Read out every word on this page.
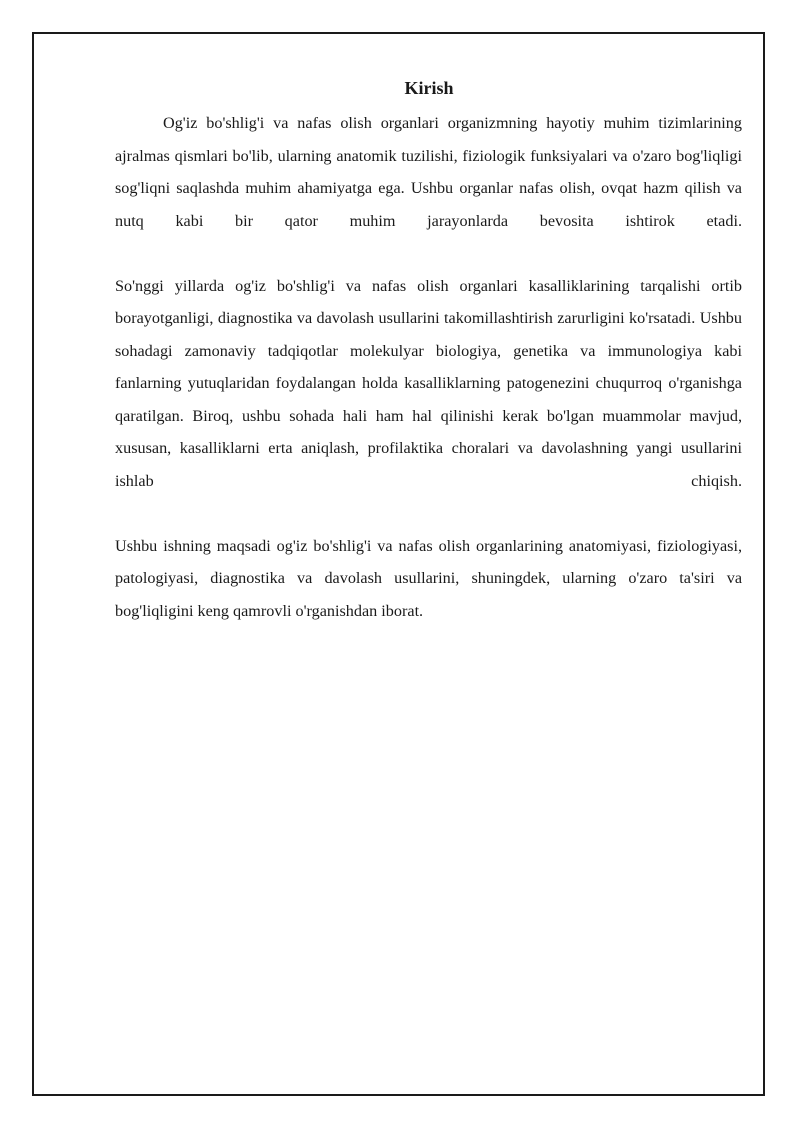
Kirish

Og'iz bo'shlig'i va nafas olish organlari organizmning hayotiy muhim tizimlarining ajralmas qismlari bo'lib, ularning anatomik tuzilishi, fiziologik funksiyalari va o'zaro bog'liqligi sog'liqni saqlashda muhim ahamiyatga ega. Ushbu organlar nafas olish, ovqat hazm qilish va nutq kabi bir qator muhim jarayonlarda bevosita ishtirok etadi.

So'nggi yillarda og'iz bo'shlig'i va nafas olish organlari kasalliklarining tarqalishi ortib borayotganligi, diagnostika va davolash usullarini takomillashtirish zarurligini ko'rsatadi. Ushbu sohadagi zamonaviy tadqiqotlar molekulyar biologiya, genetika va immunologiya kabi fanlarning yutuqlaridan foydalangan holda kasalliklarning patogenezini chuqurroq o'rganishga qaratilgan. Biroq, ushbu sohada hali ham hal qilinishi kerak bo'lgan muammolar mavjud, xususan, kasalliklarni erta aniqlash, profilaktika choralari va davolashning yangi usullarini ishlab chiqish.

Ushbu ishning maqsadi og'iz bo'shlig'i va nafas olish organlarining anatomiyasi, fiziologiyasi, patologiyasi, diagnostika va davolash usullarini, shuningdek, ularning o'zaro ta'siri va bog'liqligini keng qamrovli o'rganishdan iborat.
